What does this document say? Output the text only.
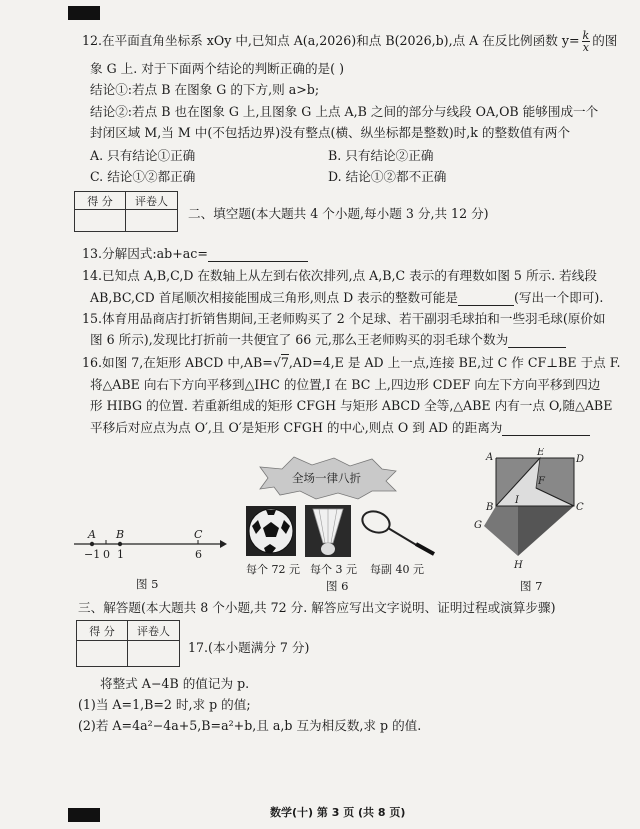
12.在平面直角坐标系 xOy 中,已知点 A(a,2026)和点 B(2026,b),点 A 在反比例函数 $y= \frac{k}{x}$ 的图
象 G 上. 对于下面两个结论的判断正确的是( )
结论①:若点 B 在图象 G 的下方,则 a>b;
结论②:若点 B 也在图象 G 上,且图象 G 上点 A,B 之间的部分与线段 OA,OB 能够围成一个
封闭区域 M,当 M 中(不包括边界)没有整点(横、纵坐标都是整数)时,k 的整数值有两个
A. 只有结论①正确	B. 只有结论②正确
C. 结论①②都正确	D. 结论①②都不正确
得 分	评卷人

二、填空题(本大题共 4 个小题,每小题 3 分,共 12 分)
13.分解因式:ab+ac=
14.已知点 A,B,C,D 在数轴上从左到右依次排列,点 A,B,C 表示的有理数如图 5 所示. 若线段
AB,BC,CD 首尾顺次相接能围成三角形,则点 D 表示的整数可能是	(写出一个即可).
15.体育用品商店打折销售期间,王老师购买了 2 个足球、若干副羽毛球拍和一些羽毛球(原价如
图 6 所示),发现比打折前一共便宜了 66 元,那么王老师购买的羽毛球个数为
16.如图 7,在矩形 ABCD 中,AB=√7,AD=4,E 是 AD 上一点,连接 BE,过 C 作 CF⊥BE 于点 F.
将△ABE 向右下方向平移到△IHC 的位置,I 在 BC 上,四边形 CDEF 向左下方向平移到四边
形 HIBG 的位置. 若重新组成的矩形 CFGH 与矩形 ABCD 全等,△ABE 内有一点 O,随△ABE
平移后对应点为点 O′,且 O′是矩形 CFGH 的中心,则点 O 到 AD 的距离为
A B	C
−1 0 1	6
图 5
全场一律八折
每个 72 元 每个 3 元 每副 40 元
图 6
A	E
D
F
B
I
C
G
H
图 7
三、解答题(本大题共 8 个小题,共 72 分. 解答应写出文字说明、证明过程或演算步骤)
得 分	评卷人

17.(本小题满分 7 分)
将整式 A−4B 的值记为 p.
(1)当 A=1,B=2 时,求 p 的值;
(2)若 A=4a²−4a+5,B=a²+b,且 a,b 互为相反数,求 p 的值.
数学(十) 第 3 页 (共 8 页)
